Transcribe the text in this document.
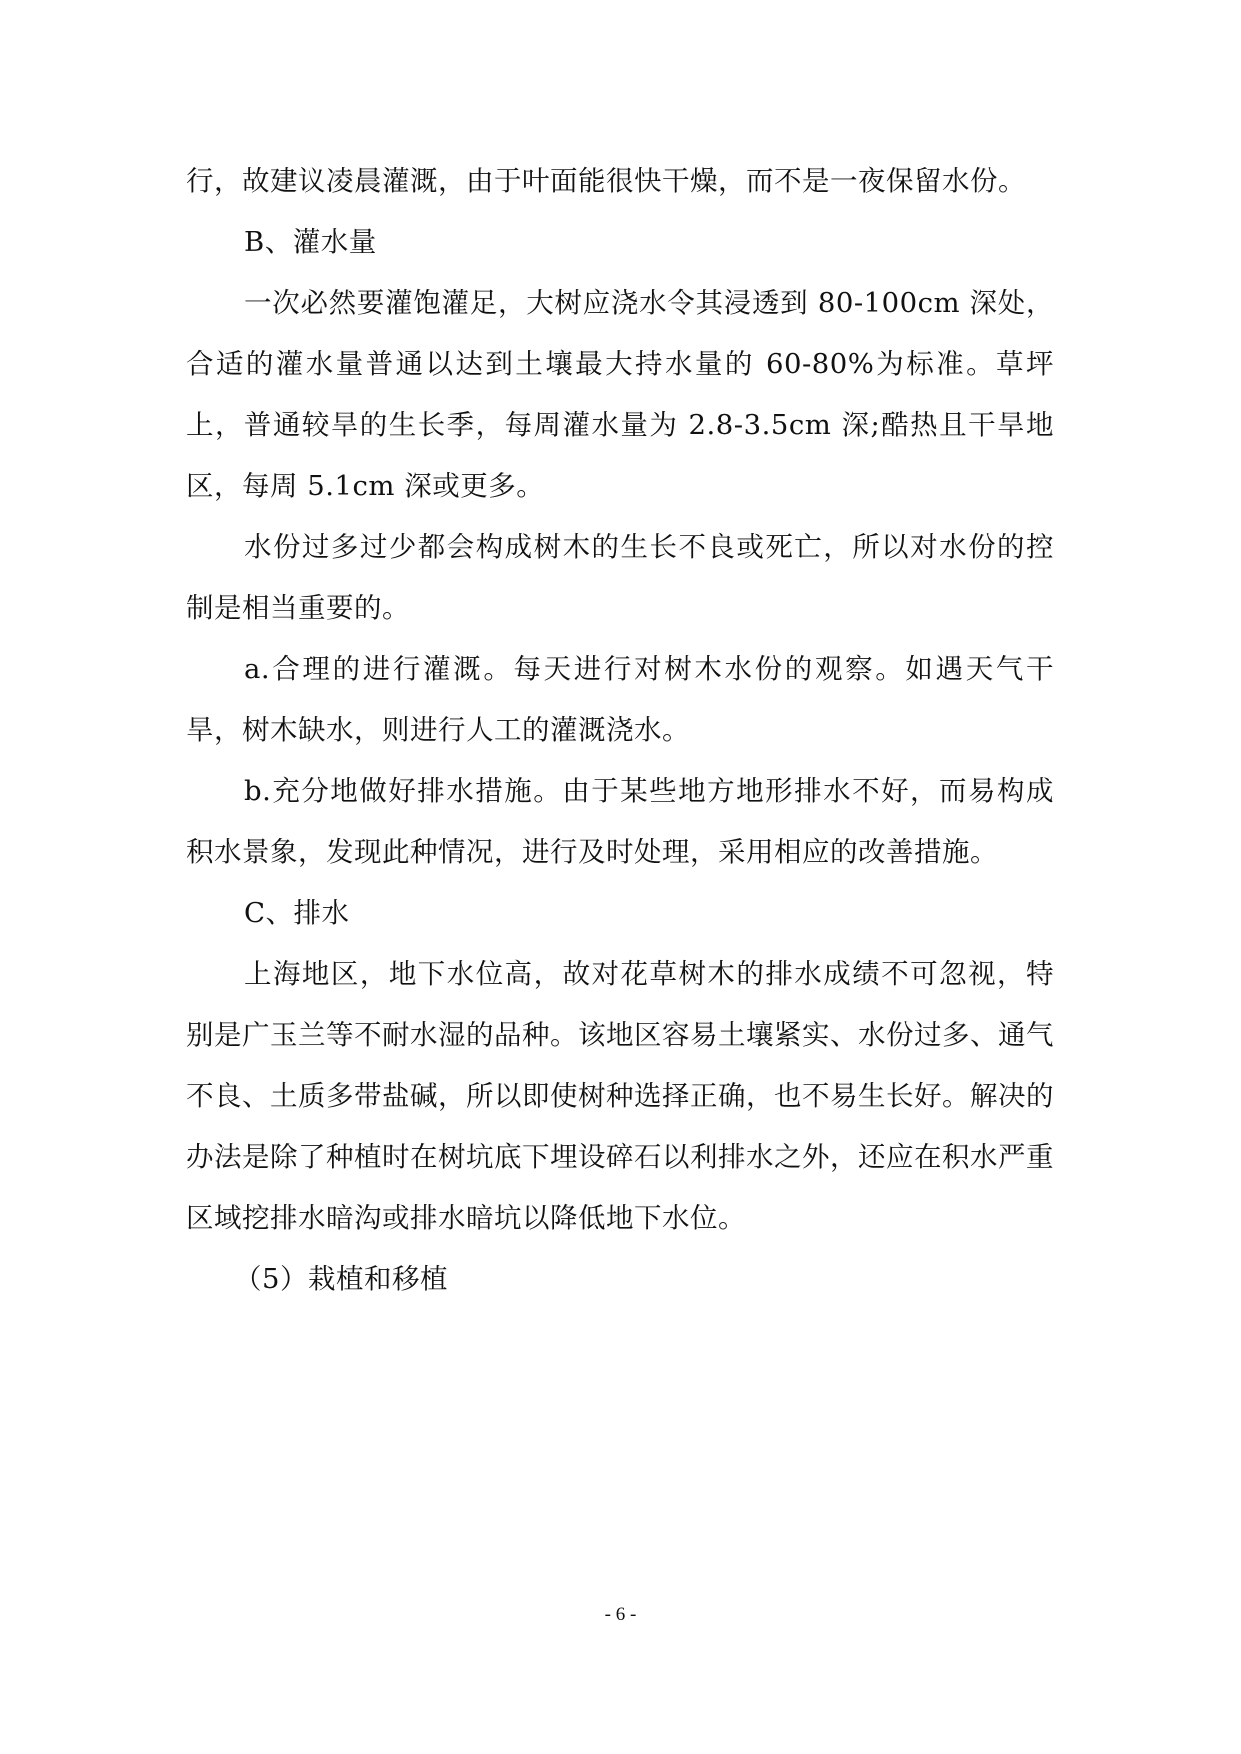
行，故建议凌晨灌溉，由于叶面能很快干燥，而不是一夜保留水份。

B、灌水量

一次必然要灌饱灌足，大树应浇水令其浸透到 80-100cm 深处，合适的灌水量普通以达到土壤最大持水量的 60-80%为标准。草坪上，普通较旱的生长季，每周灌水量为 2.8-3.5cm 深;酷热且干旱地区，每周 5.1cm 深或更多。

水份过多过少都会构成树木的生长不良或死亡，所以对水份的控制是相当重要的。

a.合理的进行灌溉。每天进行对树木水份的观察。如遇天气干旱，树木缺水，则进行人工的灌溉浇水。

b.充分地做好排水措施。由于某些地方地形排水不好，而易构成积水景象，发现此种情况，进行及时处理，采用相应的改善措施。

C、排水

上海地区，地下水位高，故对花草树木的排水成绩不可忽视，特别是广玉兰等不耐水湿的品种。该地区容易土壤紧实、水份过多、通气不良、土质多带盐碱，所以即使树种选择正确，也不易生长好。解决的办法是除了种植时在树坑底下埋设碎石以利排水之外，还应在积水严重区域挖排水暗沟或排水暗坑以降低地下水位。

（5）栽植和移植

- 6 -
